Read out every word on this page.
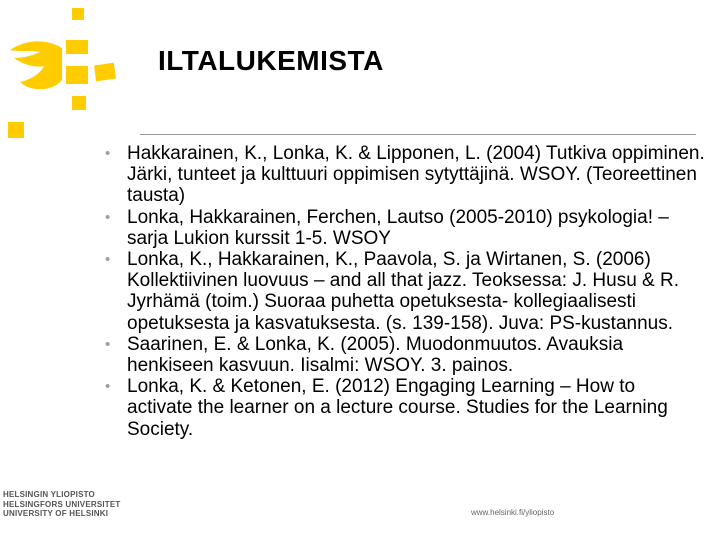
ILTALUKEMISTA
• Hakkarainen, K., Lonka, K. & Lipponen, L. (2004) Tutkiva oppiminen. Järki, tunteet ja kulttuuri oppimisen sytyttäjinä. WSOY. (Teoreettinen tausta)
• Lonka, Hakkarainen, Ferchen, Lautso (2005-2010) psykologia! –sarja Lukion kurssit 1-5. WSOY
• Lonka, K., Hakkarainen, K., Paavola, S. ja Wirtanen, S. (2006) Kollektiivinen luovuus – and all that jazz. Teoksessa: J. Husu & R. Jyrhämä (toim.) Suoraa puhetta opetuksesta- kollegiaalisesti opetuksesta ja kasvatuksesta. (s. 139-158). Juva: PS-kustannus.
• Saarinen, E. & Lonka, K. (2005). Muodonmuutos. Avauksia henkiseen kasvuun. Iisalmi: WSOY. 3. painos.
• Lonka, K. & Ketonen, E. (2012) Engaging Learning – How to activate the learner on a lecture course. Studies for the Learning Society.
HELSINGIN YLIOPISTO
HELSINGFORS UNIVERSITET
UNIVERSITY OF HELSINKI	www.helsinki.fi/yliopisto
